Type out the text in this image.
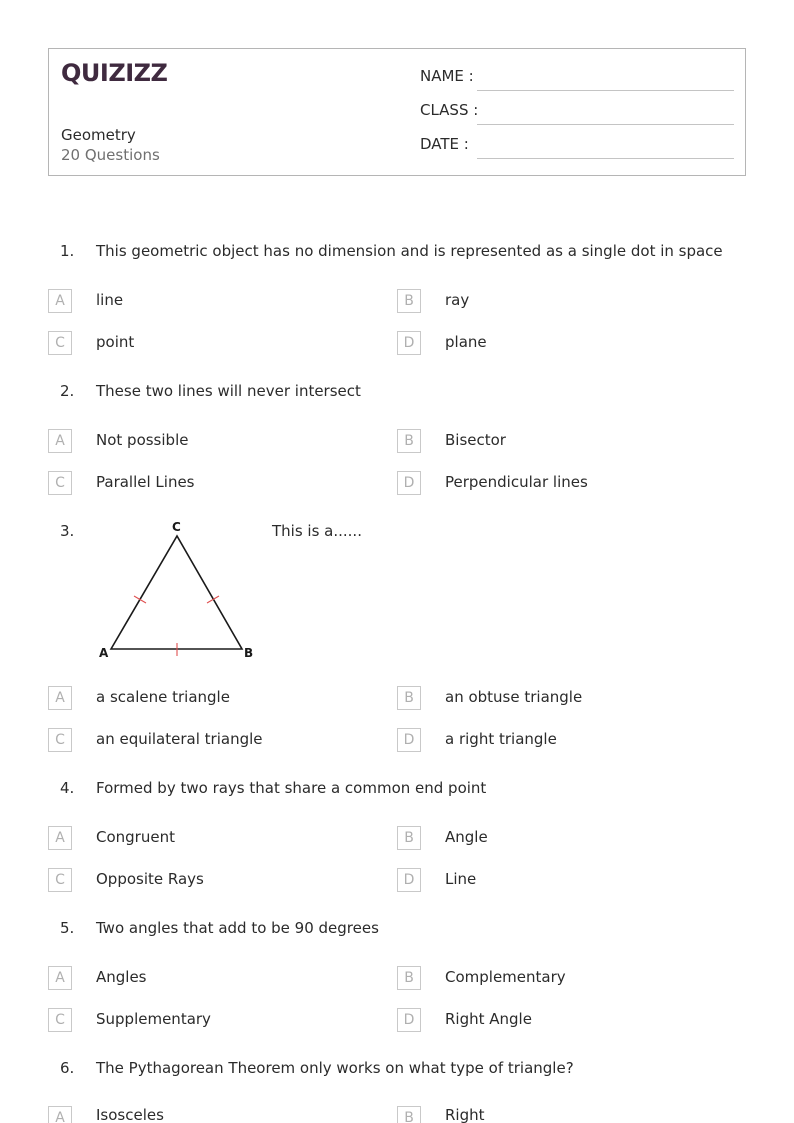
QUIZIZZ
Geometry
20 Questions
NAME :
CLASS :
DATE :
1. This geometric object has no dimension and is represented as a single dot in space
A	line	B	ray
C	point	D	plane
2. These two lines will never intersect
A	Not possible	B	Bisector
C	Parallel Lines	D	Perpendicular lines
3.	C
A	B
This is a......
A	a scalene triangle	B	an obtuse triangle
C	an equilateral triangle	D	a right triangle
4. Formed by two rays that share a common end point
A	Congruent	B	Angle
C	Opposite Rays	D	Line
5. Two angles that add to be 90 degrees
A	Angles	B	Complementary
C	Supplementary	D	Right Angle
6. The Pythagorean Theorem only works on what type of triangle?
A	Isosceles	B	Right
